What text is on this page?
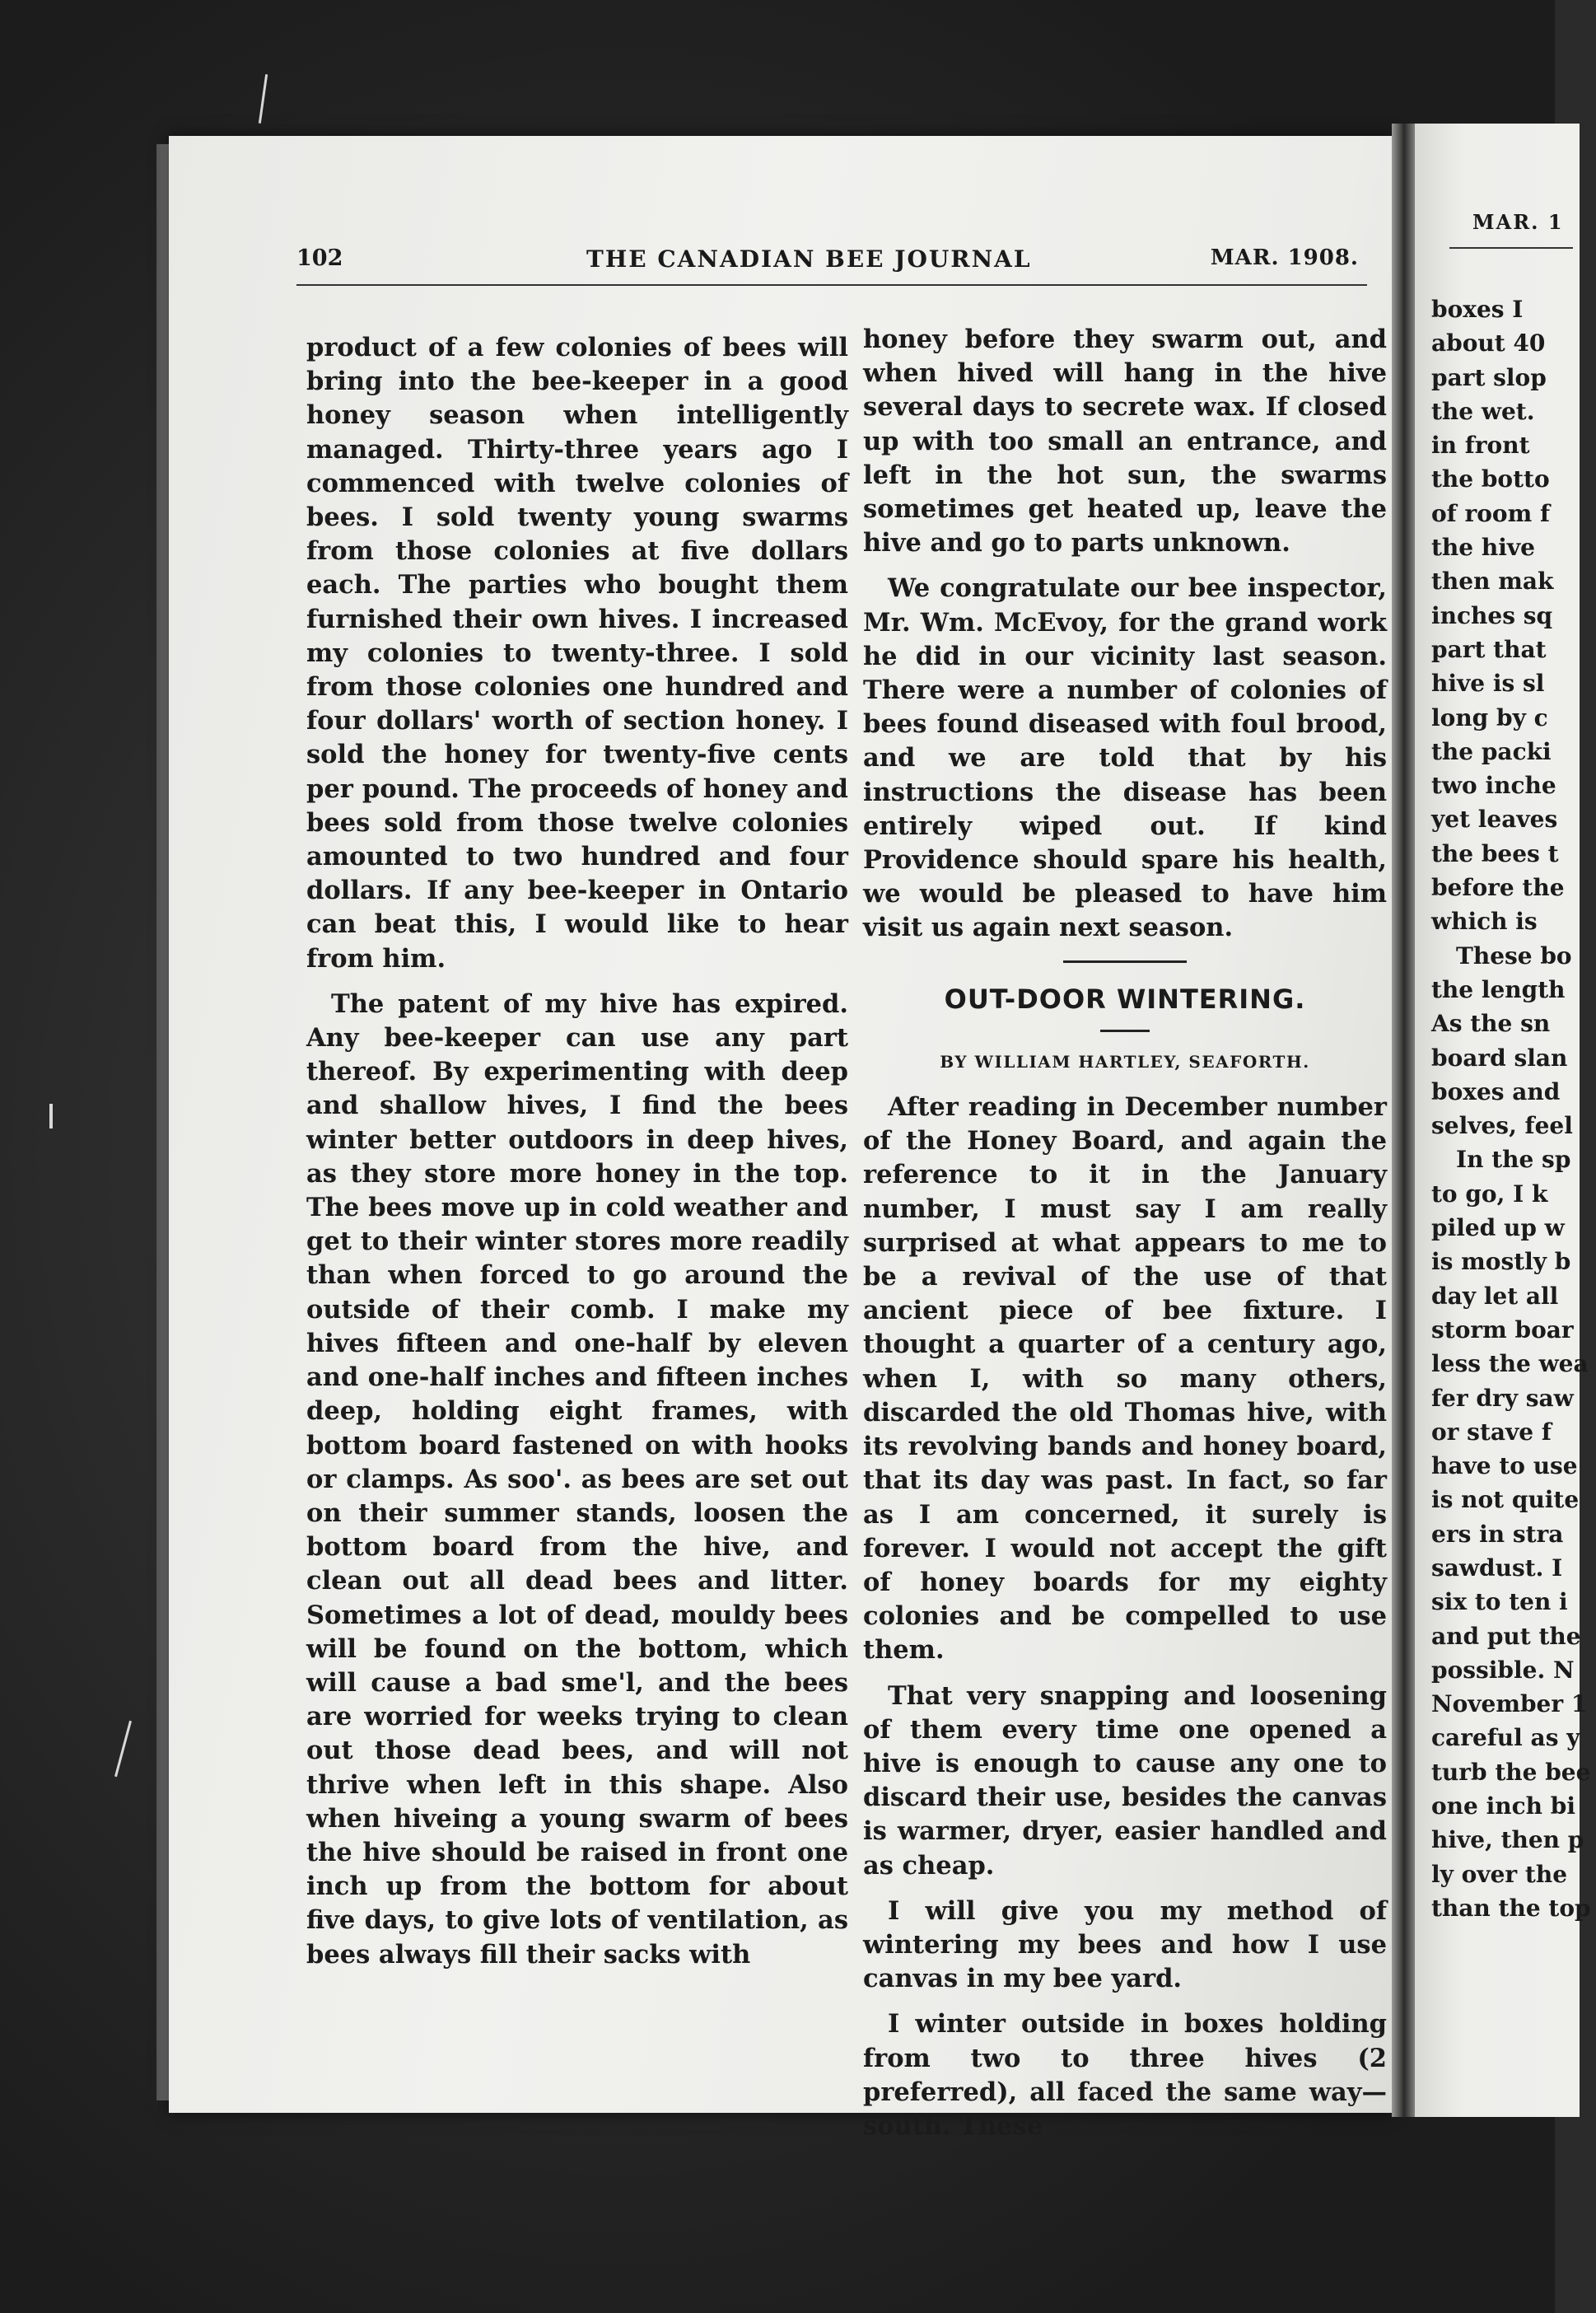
102	THE CANADIAN BEE JOURNAL	MAR. 1908.

product of a few colonies of bees will bring into the bee-keeper in a good honey season when intelligently managed. Thirty-three years ago I commenced with twelve colonies of bees. I sold twenty young swarms from those colonies at five dollars each. The parties who bought them furnished their own hives. I increased my colonies to twenty-three. I sold from those colonies one hundred and four dollars' worth of section honey. I sold the honey for twenty-five cents per pound. The proceeds of honey and bees sold from those twelve colonies amounted to two hundred and four dollars. If any bee-keeper in Ontario can beat this, I would like to hear from him.

The patent of my hive has expired. Any bee-keeper can use any part thereof. By experimenting with deep and shallow hives, I find the bees winter better outdoors in deep hives, as they store more honey in the top. The bees move up in cold weather and get to their winter stores more readily than when forced to go around the outside of their comb. I make my hives fifteen and one-half by eleven and one-half inches and fifteen inches deep, holding eight frames, with bottom board fastened on with hooks or clamps. As soo'. as bees are set out on their summer stands, loosen the bottom board from the hive, and clean out all dead bees and litter. Sometimes a lot of dead, mouldy bees will be found on the bottom, which will cause a bad sme'l, and the bees are worried for weeks trying to clean out those dead bees, and will not thrive when left in this shape. Also when hiveing a young swarm of bees the hive should be raised in front one inch up from the bottom for about five days, to give lots of ventilation, as bees always fill their sacks with

honey before they swarm out, and when hived will hang in the hive several days to secrete wax. If closed up with too small an entrance, and left in the hot sun, the swarms sometimes get heated up, leave the hive and go to parts unknown.

We congratulate our bee inspector, Mr. Wm. McEvoy, for the grand work he did in our vicinity last season. There were a number of colonies of bees found diseased with foul brood, and we are told that by his instructions the disease has been entirely wiped out. If kind Providence should spare his health, we would be pleased to have him visit us again next season.

OUT-DOOR WINTERING.
BY WILLIAM HARTLEY, SEAFORTH.

After reading in December number of the Honey Board, and again the reference to it in the January number, I must say I am really surprised at what appears to me to be a revival of the use of that ancient piece of bee fixture. I thought a quarter of a century ago, when I, with so many others, discarded the old Thomas hive, with its revolving bands and honey board, that its day was past. In fact, so far as I am concerned, it surely is forever. I would not accept the gift of honey boards for my eighty colonies and be compelled to use them.

That very snapping and loosening of them every time one opened a hive is enough to cause any one to discard their use, besides the canvas is warmer, dryer, easier handled and as cheap.

I will give you my method of wintering my bees and how I use canvas in my bee yard.

I winter outside in boxes holding from two to three hives (2 preferred), all faced the same way—south. These

MAR. 1
boxes I
about 40
part slop
the wet.
in front
the botto
of room f
the hive
then mak
inches sq
part that
hive is sl
long by c
the packi
two inche
yet leaves
the bees t
before the
which is
These bo
the length
As the sn
board slan
boxes and
selves, feel
In the sp
to go, I k
piled up w
is mostly b
day let all
storm boar
less the wea
fer dry saw
or stave f
have to use
is not quite
ers in stra
sawdust. I
six to ten i
and put the
possible. N
November 1
careful as y
turb the bee
one inch bi
hive, then p
ly over the
than the top
